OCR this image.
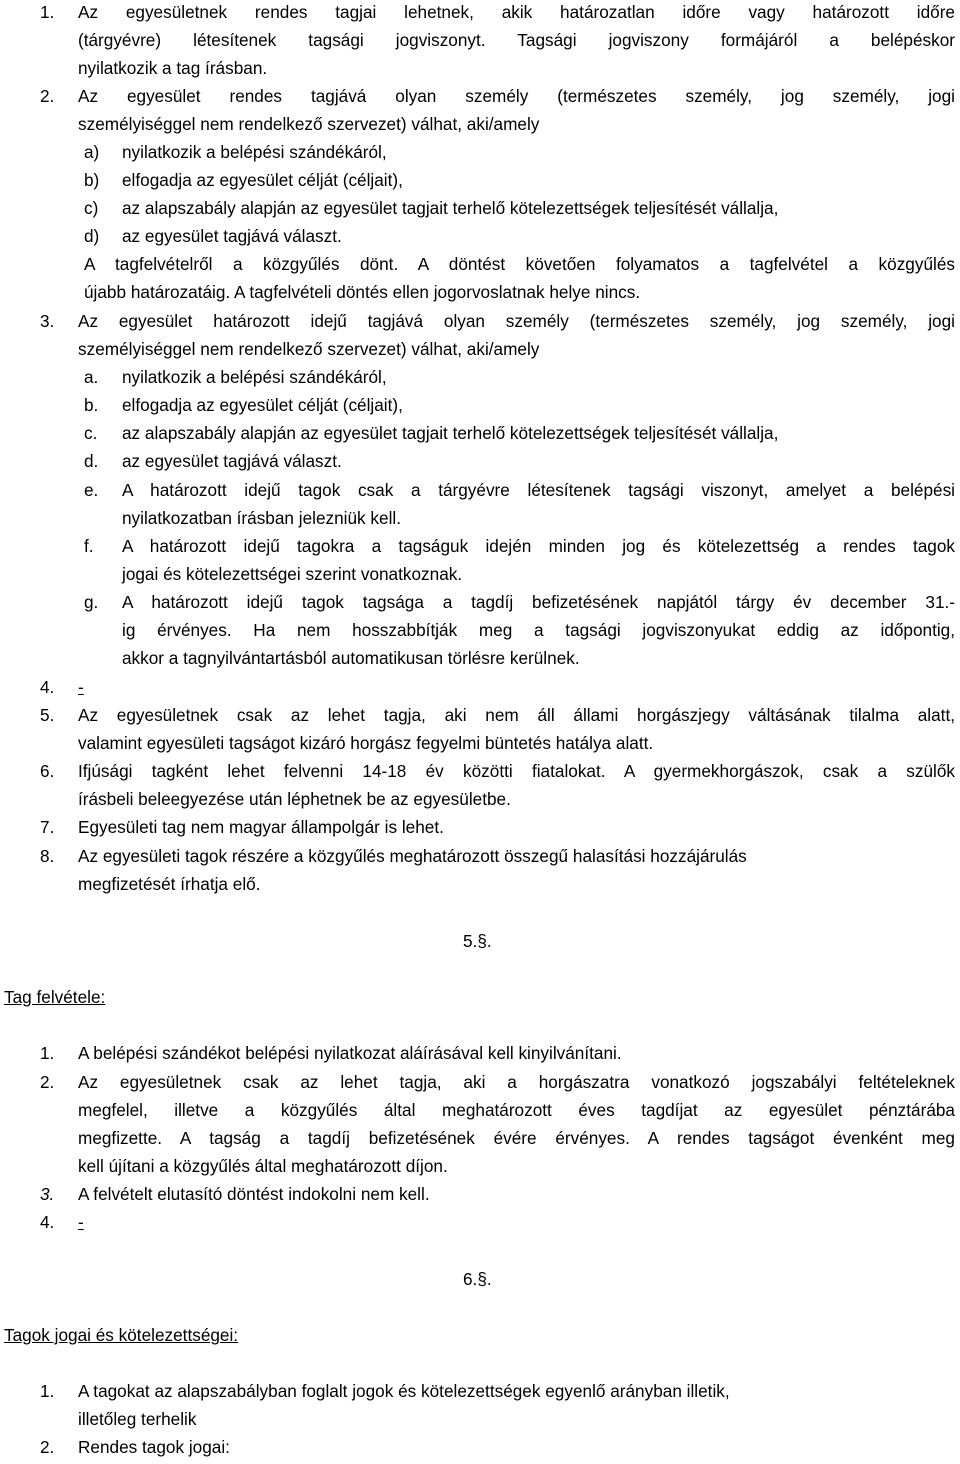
1. Az egyesületnek rendes tagjai lehetnek, akik határozatlan időre vagy határozott időre
(tárgyévre) létesítenek tagsági jogviszonyt. Tagsági jogviszony formájáról a belépéskor
nyilatkozik a tag írásban.
2. Az egyesület rendes tagjává olyan személy (természetes személy, jog személy, jogi
személyiséggel nem rendelkező szervezet) válhat, aki/amely
a) nyilatkozik a belépési szándékáról,
b) elfogadja az egyesület célját (céljait),
c) az alapszabály alapján az egyesület tagjait terhelő kötelezettségek teljesítését vállalja,
d) az egyesület tagjává választ.
A tagfelvételről a közgyűlés dönt. A döntést követően folyamatos a tagfelvétel a közgyűlés
újabb határozatáig. A tagfelvételi döntés ellen jogorvoslatnak helye nincs.
3. Az egyesület határozott idejű tagjává olyan személy (természetes személy, jog személy, jogi
személyiséggel nem rendelkező szervezet) válhat, aki/amely
a. nyilatkozik a belépési szándékáról,
b. elfogadja az egyesület célját (céljait),
c. az alapszabály alapján az egyesület tagjait terhelő kötelezettségek teljesítését vállalja,
d. az egyesület tagjává választ.
e. A határozott idejű tagok csak a tárgyévre létesítenek tagsági viszonyt, amelyet a belépési
nyilatkozatban írásban jelezniük kell.
f. A határozott idejű tagokra a tagságuk idején minden jog és kötelezettség a rendes tagok
jogai és kötelezettségei szerint vonatkoznak.
g. A határozott idejű tagok tagsága a tagdíj befizetésének napjától tárgy év december 31.-
ig érvényes. Ha nem hosszabbítják meg a tagsági jogviszonyukat eddig az időpontig,
akkor a tagnyilvántartásból automatikusan törlésre kerülnek.
4. -
5. Az egyesületnek csak az lehet tagja, aki nem áll állami horgászjegy váltásának tilalma alatt,
valamint egyesületi tagságot kizáró horgász fegyelmi büntetés hatálya alatt.
6. Ifjúsági tagként lehet felvenni 14-18 év közötti fiatalokat. A gyermekhorgászok, csak a szülők
írásbeli beleegyezése után léphetnek be az egyesületbe.
7. Egyesületi tag nem magyar állampolgár is lehet.
8. Az egyesületi tagok részére a közgyűlés meghatározott összegű halasítási hozzájárulás
megfizetését írhatja elő.
5.§.
Tag felvétele:
1. A belépési szándékot belépési nyilatkozat aláírásával kell kinyilvánítani.
2. Az egyesületnek csak az lehet tagja, aki a horgászatra vonatkozó jogszabályi feltételeknek
megfelel, illetve a közgyűlés által meghatározott éves tagdíjat az egyesület pénztárába
megfizette. A tagság a tagdíj befizetésének évére érvényes. A rendes tagságot évenként meg
kell újítani a közgyűlés által meghatározott díjon.
3. A felvételt elutasító döntést indokolni nem kell.
4. -
6.§.
Tagok jogai és kötelezettségei:
1. A tagokat az alapszabályban foglalt jogok és kötelezettségek egyenlő arányban illetik,
illetőleg terhelik
2. Rendes tagok jogai:
